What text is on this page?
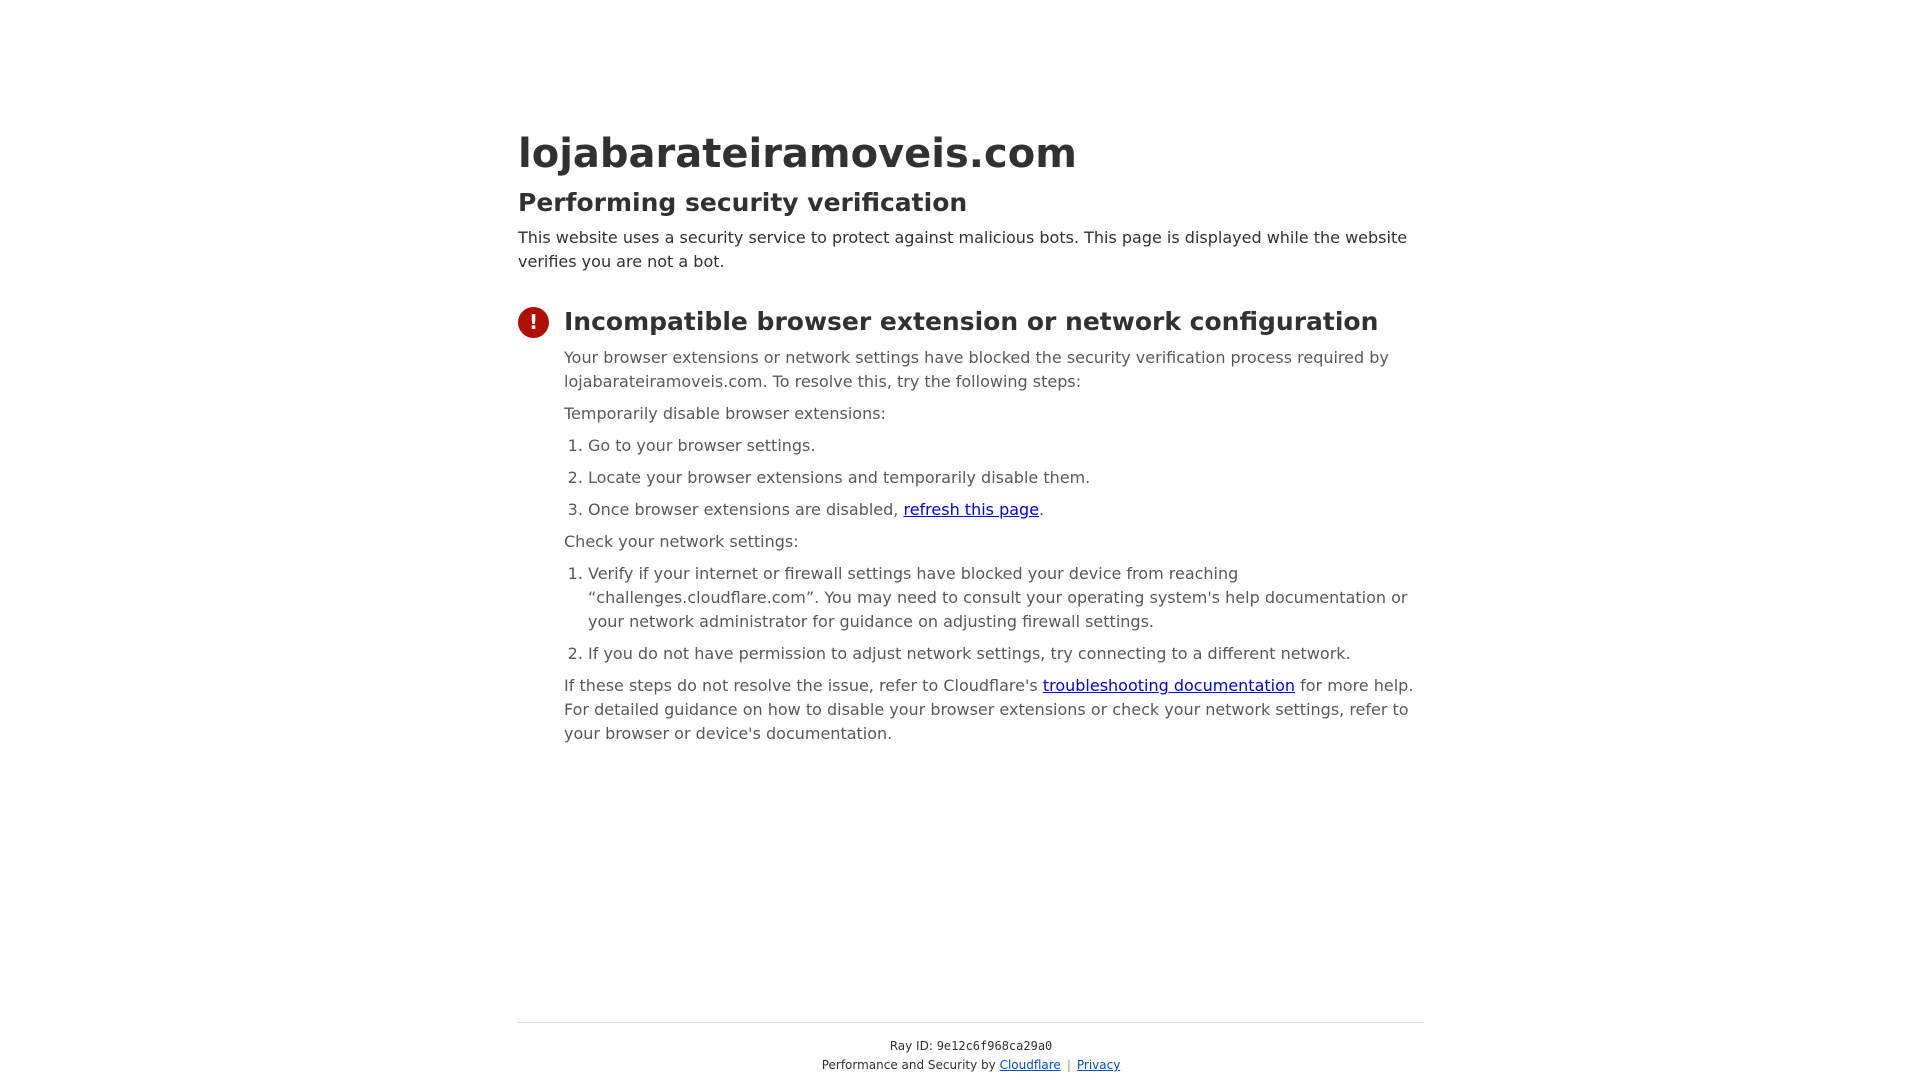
lojabarateiramoveis.com
Performing security verification

This website uses a security service to protect against malicious bots. This page is displayed while the website verifies you are not a bot.

!	Incompatible browser extension or network configuration

Your browser extensions or network settings have blocked the security verification process required by lojabarateiramoveis.com. To resolve this, try the following steps:

Temporarily disable browser extensions:

1. Go to your browser settings.
2. Locate your browser extensions and temporarily disable them.
3. Once browser extensions are disabled, refresh this page.

Check your network settings:

1. Verify if your internet or firewall settings have blocked your device from reaching “challenges.cloudflare.com”. You may need to consult your operating system's help documentation or your network administrator for guidance on adjusting firewall settings.
2. If you do not have permission to adjust network settings, try connecting to a different network.

If these steps do not resolve the issue, refer to Cloudflare's troubleshooting documentation for more help. For detailed guidance on how to disable your browser extensions or check your network settings, refer to your browser or device's documentation.

Ray ID: 9e12c6f968ca29a0
Performance and Security by Cloudflare | Privacy
